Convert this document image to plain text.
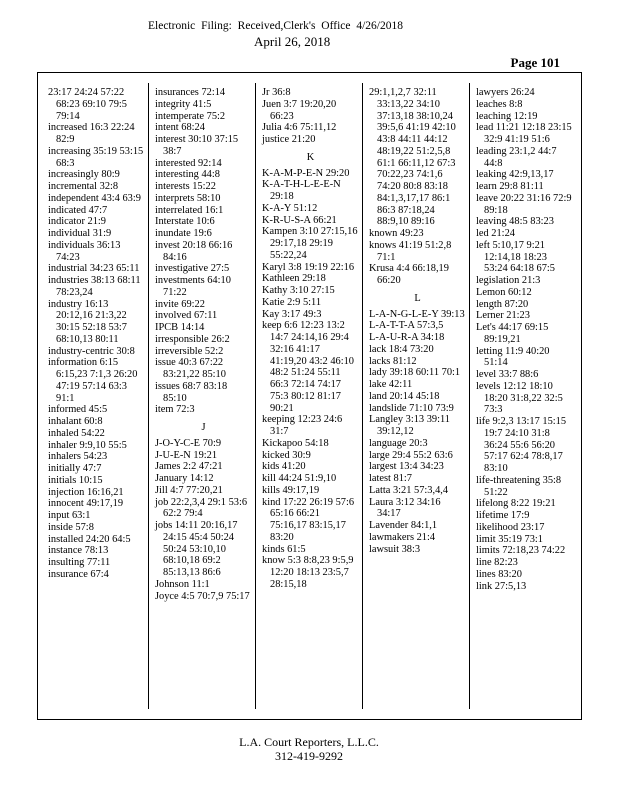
Electronic Filing: Received,Clerk's Office 4/26/2018
April 26, 2018
Page 101
23:17 24:24 57:22 68:23 69:10 79:5 79:14
increased 16:3 22:24 82:9
increasing 35:19 53:15 68:3
increasingly 80:9
incremental 32:8
independent 43:4 63:9
indicated 47:7
indicator 21:9
individual 31:9
individuals 36:13 74:23
industrial 34:23 65:11
industries 38:13 68:11 78:23,24
industry 16:13 20:12,16 21:3,22 30:15 52:18 53:7 68:10,13 80:11
industry-centric 30:8
information 6:15 6:15,23 7:1,3 26:20 47:19 57:14 63:3 91:1
informed 45:5
inhalant 60:8
inhaled 54:22
inhaler 9:9,10 55:5
inhalers 54:23
initially 47:7
initials 10:15
injection 16:16,21
innocent 49:17,19
input 63:1
inside 57:8
installed 24:20 64:5
instance 78:13
insulting 77:11
insurance 67:4
insurances 72:14
integrity 41:5
intemperate 75:2
intent 68:24
interest 30:10 37:15 38:7
interested 92:14
interesting 44:8
interests 15:22
interprets 58:10
interrelated 16:1
Interstate 10:6
inundate 19:6
invest 20:18 66:16 84:16
investigative 27:5
investments 64:10 71:22
invite 69:22
involved 67:11
IPCB 14:14
irresponsible 26:2
irreversible 52:2
issue 40:3 67:22 83:21,22 85:10
issues 68:7 83:18 85:10
item 72:3
J
J-O-Y-C-E 70:9
J-U-E-N 19:21
James 2:2 47:21
January 14:12
Jill 4:7 77:20,21
job 22:2,3,4 29:1 53:6 62:2 79:4
jobs 14:11 20:16,17 24:15 45:4 50:24 50:24 53:10,10 68:10,18 69:2 85:13,13 86:6
Johnson 11:1
Joyce 4:5 70:7,9 75:17
Jr 36:8
Juen 3:7 19:20,20 66:23
Julia 4:6 75:11,12
justice 21:20
K
K-A-M-P-E-N 29:20
K-A-T-H-L-E-E-N 29:18
K-A-Y 51:12
K-R-U-S-A 66:21
Kampen 3:10 27:15,16 29:17,18 29:19 55:22,24
Karyl 3:8 19:19 22:16
Kathleen 29:18
Kathy 3:10 27:15
Katie 2:9 5:11
Kay 3:17 49:3
keep 6:6 12:23 13:2 14:7 24:14,16 29:4 32:16 41:17 41:19,20 43:2 46:10 48:2 51:24 55:11 66:3 72:14 74:17 75:3 80:12 81:17 90:21
keeping 12:23 24:6 31:7
Kickapoo 54:18
kicked 30:9
kids 41:20
kill 44:24 51:9,10
kills 49:17,19
kind 17:22 26:19 57:6 65:16 66:21 75:16,17 83:15,17 83:20
kinds 61:5
know 5:3 8:8,23 9:5,9 12:20 18:13 23:5,7 28:15,18
29:1,1,2,7 32:11 33:13,22 34:10 37:13,18 38:10,24 39:5,6 41:19 42:10 43:8 44:11 44:12 48:19,22 51:2,5,8 61:1 66:11,12 67:3 70:22,23 74:1,6 74:20 80:8 83:18 84:1,3,17,17 86:1 86:3 87:18,24 88:9,10 89:16
known 49:23
knows 41:19 51:2,8 71:1
Krusa 4:4 66:18,19 66:20
L
L-A-N-G-L-E-Y 39:13
L-A-T-T-A 57:3,5
L-A-U-R-A 34:18
lack 18:4 73:20
lacks 81:12
lady 39:18 60:11 70:1
lake 42:11
land 20:14 45:18
landslide 71:10 73:9
Langley 3:13 39:11 39:12,12
language 20:3
large 29:4 55:2 63:6
largest 13:4 34:23
latest 81:7
Latta 3:21 57:3,4,4
Laura 3:12 34:16 34:17
Lavender 84:1,1
lawmakers 21:4
lawsuit 38:3
lawyers 26:24
leaches 8:8
leaching 12:19
lead 11:21 12:18 23:15 32:9 41:19 51:6
leading 23:1,2 44:7 44:8
leaking 42:9,13,17
learn 29:8 81:11
leave 20:22 31:16 72:9 89:18
leaving 48:5 83:23
led 21:24
left 5:10,17 9:21 12:14,18 18:23 53:24 64:18 67:5
legislation 21:3
Lemon 60:12
length 87:20
Lerner 21:23
Let's 44:17 69:15 89:19,21
letting 11:9 40:20 51:14
level 33:7 88:6
levels 12:12 18:10 18:20 31:8,22 32:5 73:3
life 9:2,3 13:17 15:15 19:7 24:10 31:8 36:24 55:6 56:20 57:17 62:4 78:8,17 83:10
life-threatening 35:8 51:22
lifelong 8:22 19:21
lifetime 17:9
likelihood 23:17
limit 35:19 73:1
limits 72:18,23 74:22
line 82:23
lines 83:20
link 27:5,13
L.A. Court Reporters, L.L.C.
312-419-9292
